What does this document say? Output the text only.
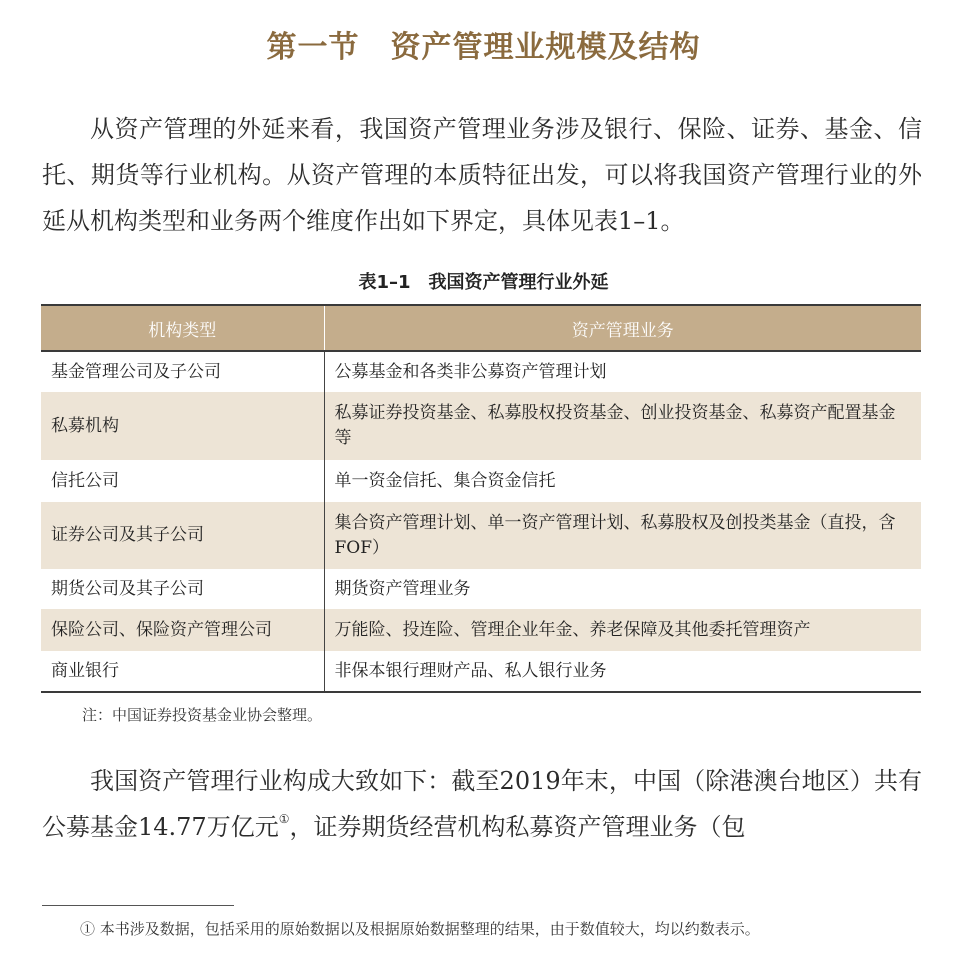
第一节　资产管理业规模及结构

从资产管理的外延来看，我国资产管理业务涉及银行、保险、证券、基金、信托、期货等行业机构。从资产管理的本质特征出发，可以将我国资产管理行业的外延从机构类型和业务两个维度作出如下界定，具体见表1–1。

表1–1　我国资产管理行业外延
机构类型	资产管理业务
基金管理公司及子公司	公募基金和各类非公募资产管理计划
私募机构	私募证券投资基金、私募股权投资基金、创业投资基金、私募资产配置基金等
信托公司	单一资金信托、集合资金信托
证券公司及其子公司	集合资产管理计划、单一资产管理计划、私募股权及创投类基金（直投，含 FOF）
期货公司及其子公司	期货资产管理业务
保险公司、保险资产管理公司	万能险、投连险、管理企业年金、养老保障及其他委托管理资产
商业银行	非保本银行理财产品、私人银行业务
注：中国证券投资基金业协会整理。

我国资产管理行业构成大致如下：截至2019年末，中国（除港澳台地区）共有公募基金14.77万亿元①，证券期货经营机构私募资产管理业务（包

① 本书涉及数据，包括采用的原始数据以及根据原始数据整理的结果，由于数值较大，均以约数表示。
